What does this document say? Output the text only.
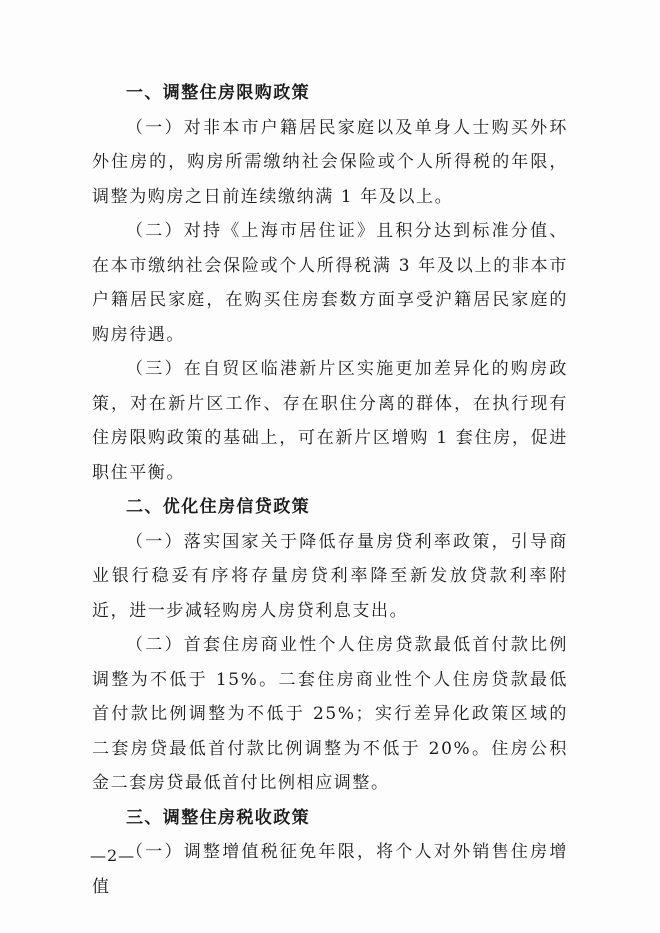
一、调整住房限购政策

（一）对非本市户籍居民家庭以及单身人士购买外环外住房的，购房所需缴纳社会保险或个人所得税的年限，调整为购房之日前连续缴纳满 1 年及以上。

（二）对持《上海市居住证》且积分达到标准分值、在本市缴纳社会保险或个人所得税满 3 年及以上的非本市户籍居民家庭，在购买住房套数方面享受沪籍居民家庭的购房待遇。

（三）在自贸区临港新片区实施更加差异化的购房政策，对在新片区工作、存在职住分离的群体，在执行现有住房限购政策的基础上，可在新片区增购 1 套住房，促进职住平衡。

二、优化住房信贷政策

（一）落实国家关于降低存量房贷利率政策，引导商业银行稳妥有序将存量房贷利率降至新发放贷款利率附近，进一步减轻购房人房贷利息支出。

（二）首套住房商业性个人住房贷款最低首付款比例调整为不低于 15%。二套住房商业性个人住房贷款最低首付款比例调整为不低于 25%；实行差异化政策区域的二套房贷最低首付款比例调整为不低于 20%。住房公积金二套房贷最低首付比例相应调整。

三、调整住房税收政策

（一）调整增值税征免年限，将个人对外销售住房增值

—2—
